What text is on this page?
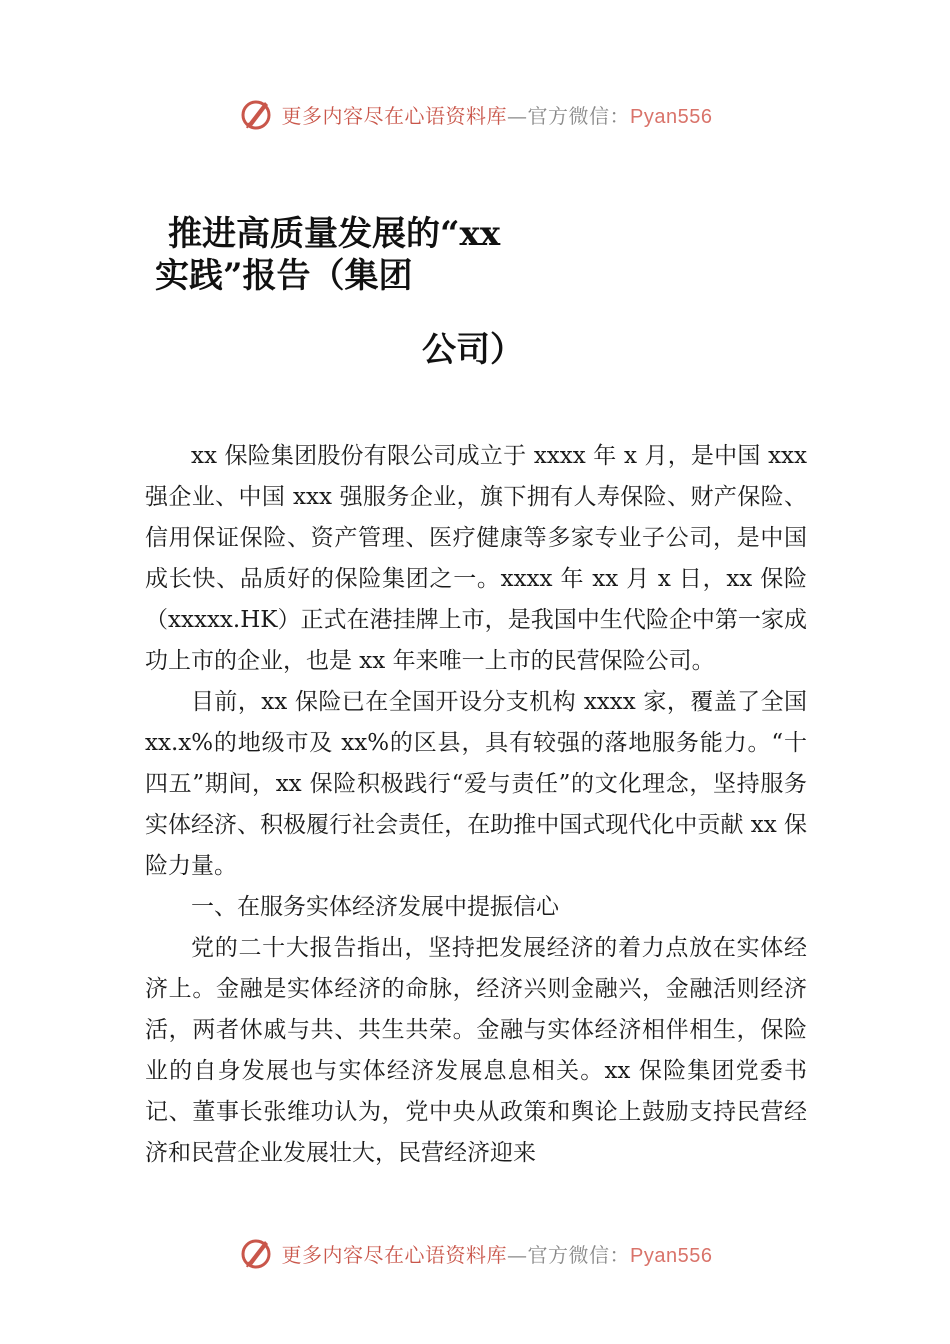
更多内容尽在心语资料库—官方微信：Pyan556
推进高质量发展的“xx
实践”报告（集团
公司）

xx 保险集团股份有限公司成立于 xxxx 年 x 月，是中国 xxx 强企业、中国 xxx 强服务企业，旗下拥有人寿保险、财产保险、信用保证保险、资产管理、医疗健康等多家专业子公司，是中国成长快、品质好的保险集团之一。xxxx 年 xx 月 x 日，xx 保险（xxxxx.HK）正式在港挂牌上市，是我国中生代险企中第一家成功上市的企业，也是 xx 年来唯一上市的民营保险公司。

目前，xx 保险已在全国开设分支机构 xxxx 家，覆盖了全国 xx.x%的地级市及 xx%的区县，具有较强的落地服务能力。“十四五”期间，xx 保险积极践行“爱与责任”的文化理念，坚持服务实体经济、积极履行社会责任，在助推中国式现代化中贡献 xx 保险力量。

一、在服务实体经济发展中提振信心

党的二十大报告指出，坚持把发展经济的着力点放在实体经济上。金融是实体经济的命脉，经济兴则金融兴，金融活则经济活，两者休戚与共、共生共荣。金融与实体经济相伴相生，保险业的自身发展也与实体经济发展息息相关。xx 保险集团党委书记、董事长张维功认为，党中央从政策和舆论上鼓励支持民营经济和民营企业发展壮大，民营经济迎来

更多内容尽在心语资料库—官方微信：Pyan556
